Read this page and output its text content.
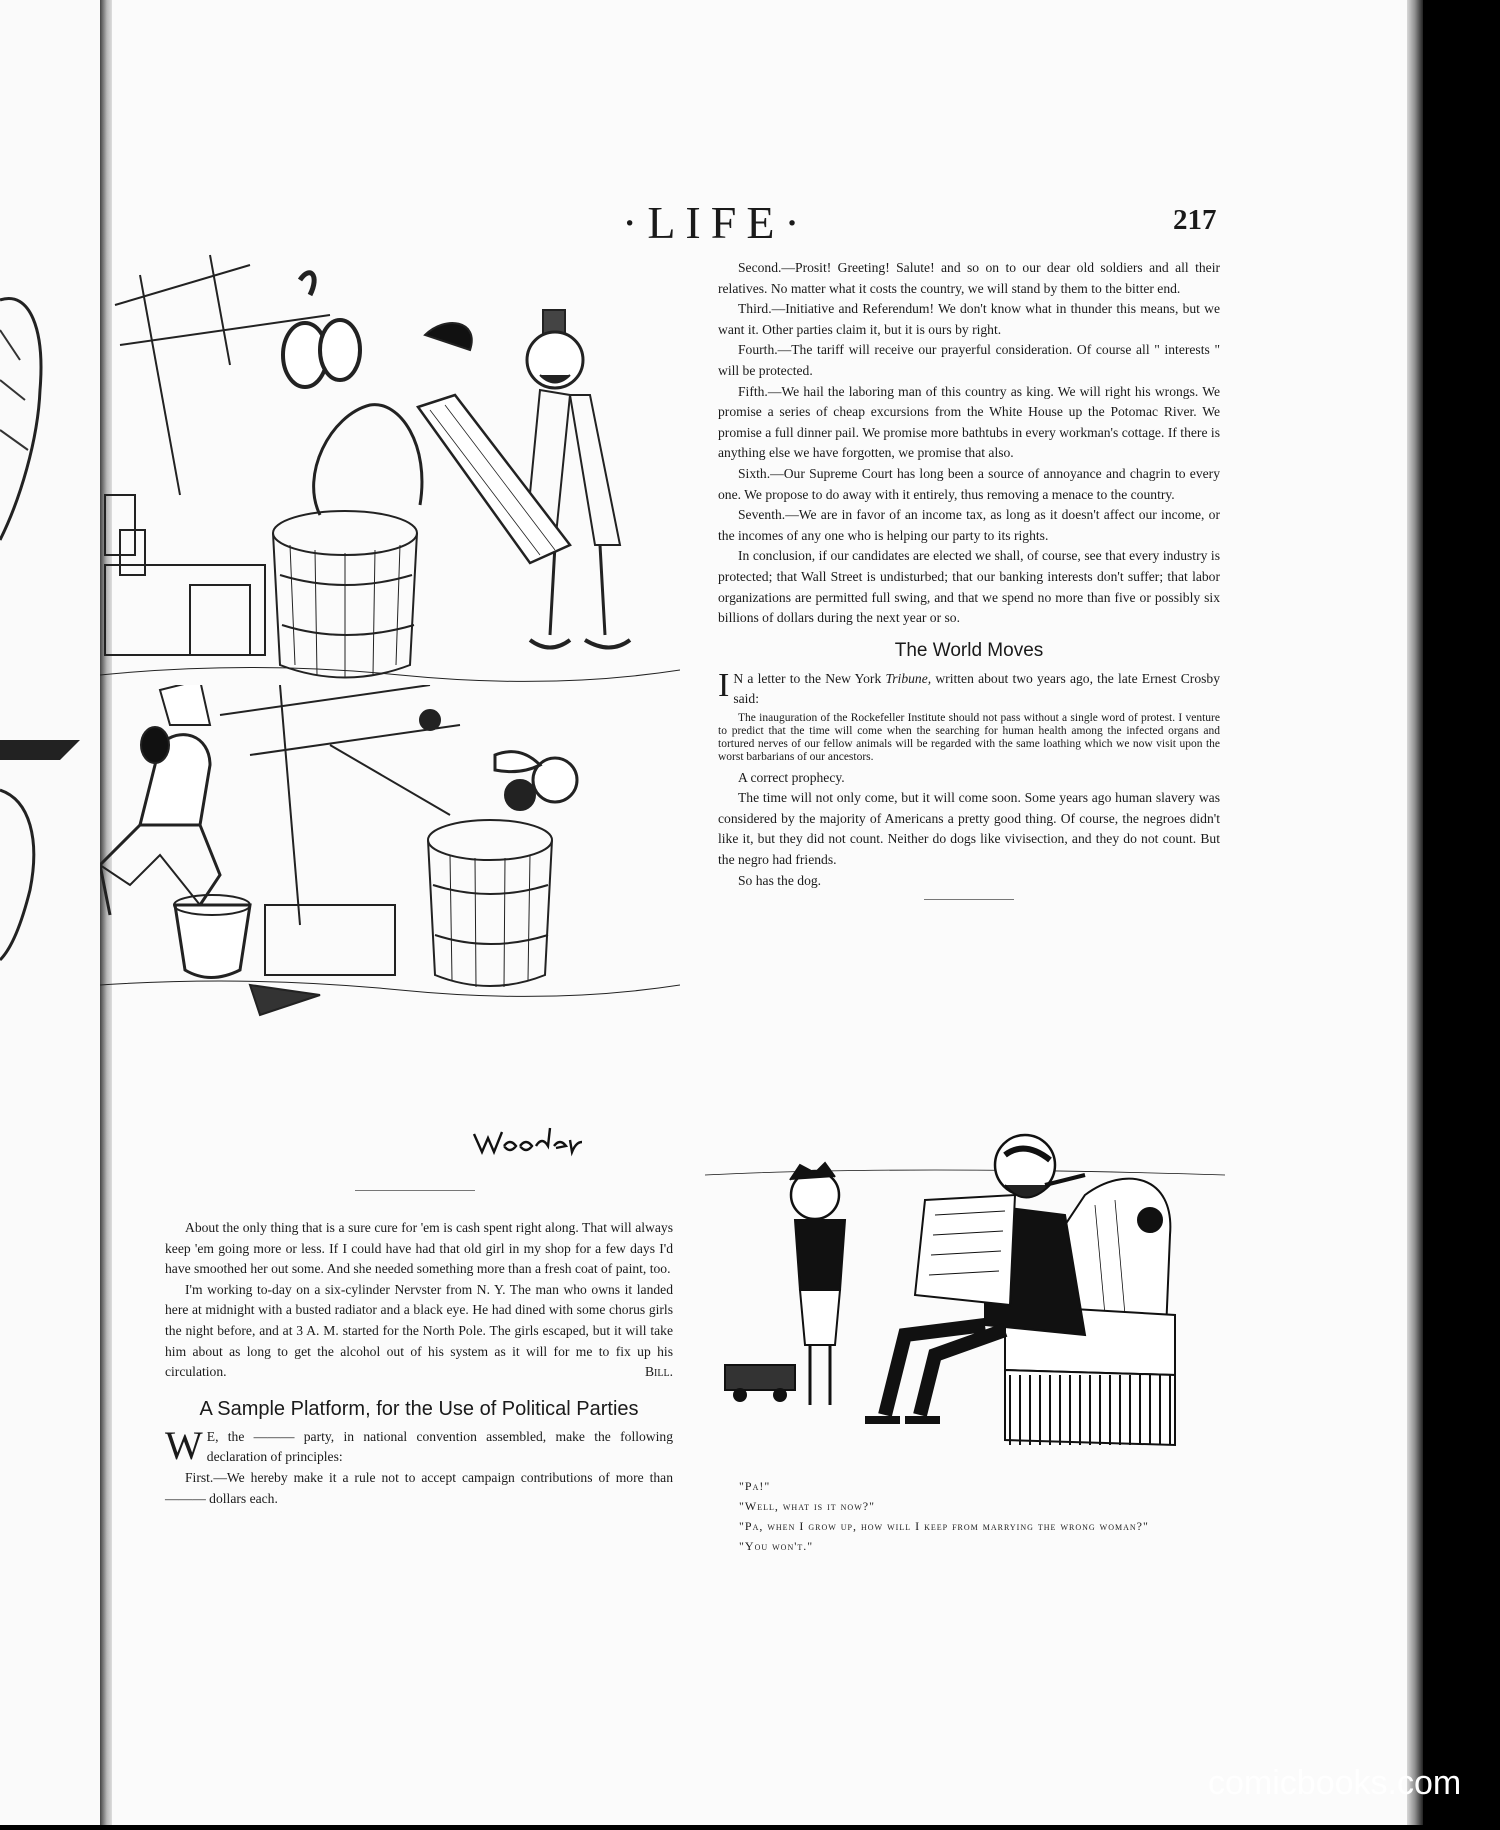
·LIFE·	217

About the only thing that is a sure cure for 'em is cash spent right along. That will always keep 'em going more or less. If I could have had that old girl in my shop for a few days I'd have smoothed her out some. And she needed something more than a fresh coat of paint, too.

I'm working to-day on a six-cylinder Nervster from N. Y. The man who owns it landed here at midnight with a busted radiator and a black eye. He had dined with some chorus girls the night before, and at 3 A. M. started for the North Pole. The girls escaped, but it will take him about as long to get the alcohol out of his system as it will for me to fix up his circulation.	Bill.

A Sample Platform, for the Use of Political Parties

W E, the ——— party, in national convention assembled, make the following declaration of principles:

First.—We hereby make it a rule not to accept campaign contributions of more than ——— dollars each.

Second.—Prosit! Greeting! Salute! and so on to our dear old soldiers and all their relatives. No matter what it costs the country, we will stand by them to the bitter end.

Third.—Initiative and Referendum! We don't know what in thunder this means, but we want it. Other parties claim it, but it is ours by right.

Fourth.—The tariff will receive our prayerful consideration. Of course all " interests " will be protected.

Fifth.—We hail the laboring man of this country as king. We will right his wrongs. We promise a series of cheap excursions from the White House up the Potomac River. We promise a full dinner pail. We promise more bathtubs in every workman's cottage. If there is anything else we have forgotten, we promise that also.

Sixth.—Our Supreme Court has long been a source of annoyance and chagrin to every one. We propose to do away with it entirely, thus removing a menace to the country.

Seventh.—We are in favor of an income tax, as long as it doesn't affect our income, or the incomes of any one who is helping our party to its rights.

In conclusion, if our candidates are elected we shall, of course, see that every industry is protected; that Wall Street is undisturbed; that our banking interests don't suffer; that labor organizations are permitted full swing, and that we spend no more than five or possibly six billions of dollars during the next year or so.

The World Moves

I N a letter to the New York Tribune, written about two years ago, the late Ernest Crosby said:

The inauguration of the Rockefeller Institute should not pass without a single word of protest. I venture to predict that the time will come when the searching for human health among the infected organs and tortured nerves of our fellow animals will be regarded with the same loathing which we now visit upon the worst barbarians of our ancestors.

A correct prophecy.

The time will not only come, but it will come soon. Some years ago human slavery was considered by the majority of Americans a pretty good thing. Of course, the negroes didn't like it, but they did not count. Neither do dogs like vivisection, and they do not count. But the negro had friends.

So has the dog.

"Pa!"

"Well, what is it now?"

"Pa, when I grow up, how will I keep from marrying the wrong woman?"

"You won't."

comicbooks.com
